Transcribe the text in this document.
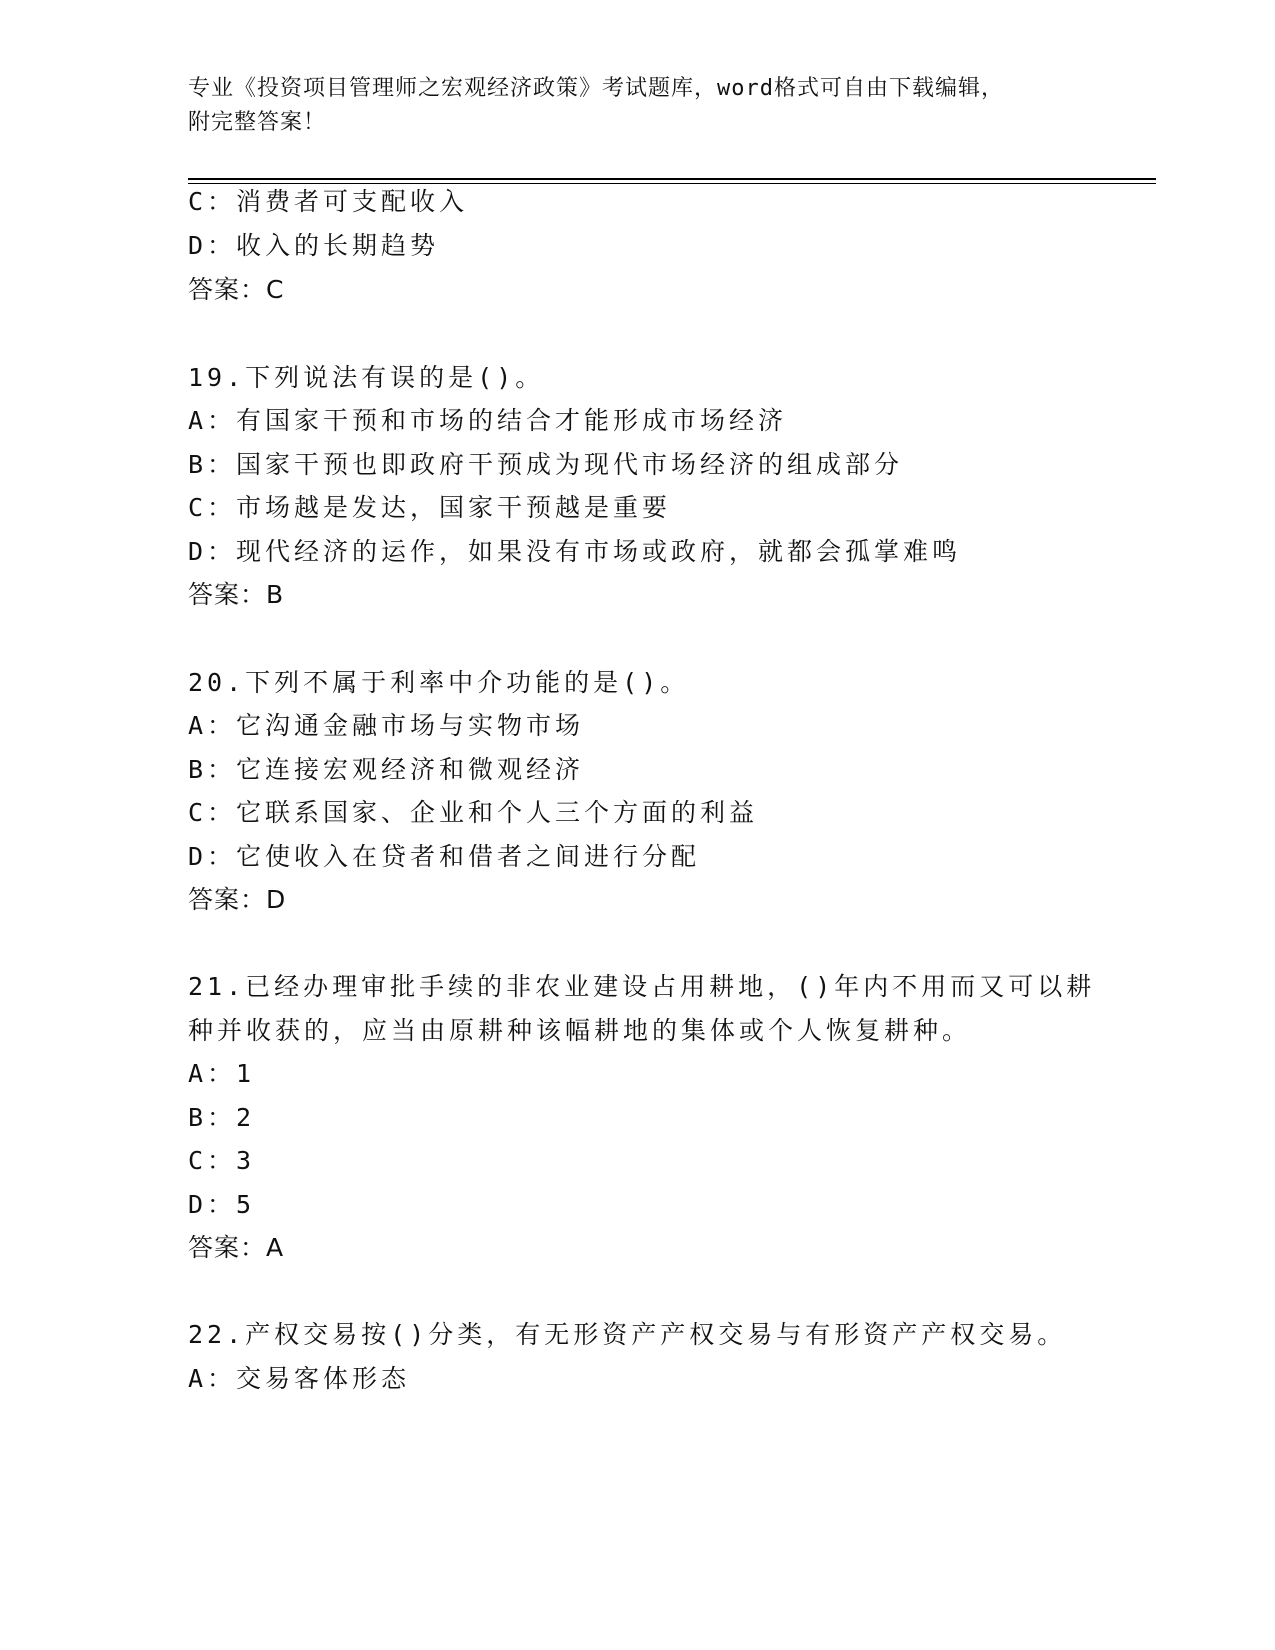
专业《投资项目管理师之宏观经济政策》考试题库，word格式可自由下载编辑，
附完整答案！
C：消费者可支配收入
D：收入的长期趋势
答案：C
19.下列说法有误的是()。
A：有国家干预和市场的结合才能形成市场经济
B：国家干预也即政府干预成为现代市场经济的组成部分
C：市场越是发达，国家干预越是重要
D：现代经济的运作，如果没有市场或政府，就都会孤掌难鸣
答案：B
20.下列不属于利率中介功能的是()。
A：它沟通金融市场与实物市场
B：它连接宏观经济和微观经济
C：它联系国家、企业和个人三个方面的利益
D：它使收入在贷者和借者之间进行分配
答案：D
21.已经办理审批手续的非农业建设占用耕地，()年内不用而又可以耕
种并收获的，应当由原耕种该幅耕地的集体或个人恢复耕种。
A：1
B：2
C：3
D：5
答案：A
22.产权交易按()分类，有无形资产产权交易与有形资产产权交易。
A：交易客体形态
